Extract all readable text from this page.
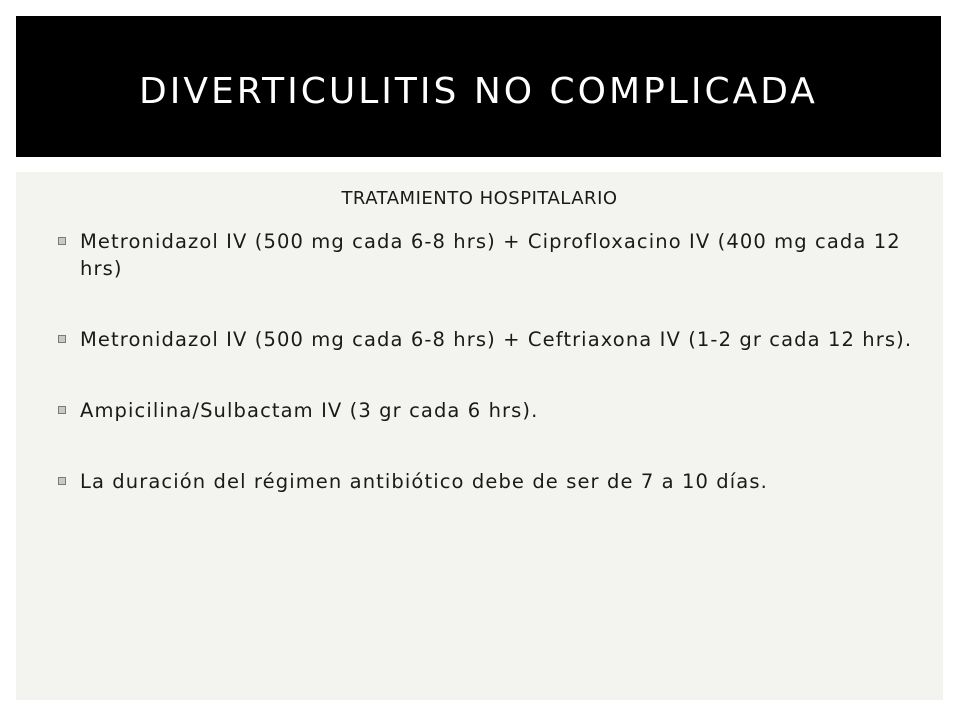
DIVERTICULITIS NO COMPLICADA
TRATAMIENTO HOSPITALARIO
Metronidazol IV (500 mg cada 6-8 hrs) + Ciprofloxacino IV (400 mg cada 12 hrs)
Metronidazol IV (500 mg cada 6-8 hrs) + Ceftriaxona IV (1-2 gr cada 12 hrs).
Ampicilina/Sulbactam IV (3 gr cada 6 hrs).
La duración del régimen antibiótico debe de ser de 7 a 10 días.
